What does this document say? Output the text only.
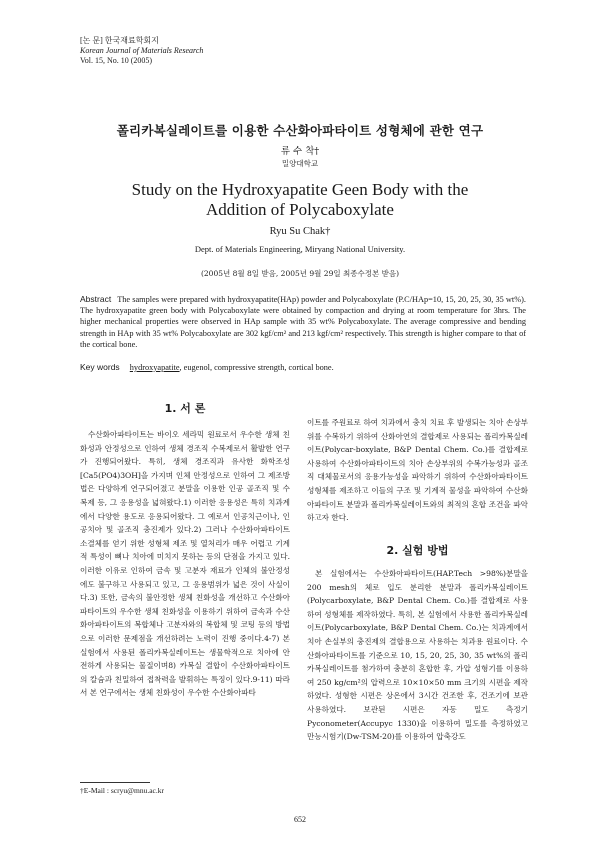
[논 문] 한국재료학회지
Korean Journal of Materials Research
Vol. 15, No. 10 (2005)
폴리카복실레이트를 이용한 수산화아파타이트 성형체에 관한 연구
류 수 착†
밀양대학교
Study on the Hydroxyapatite Geen Body with the
Addition of Polycaboxylate
Ryu Su Chak†
Dept. of Materials Engineering, Miryang National University.
(2005년 8월 8일 받음, 2005년 9월 29일 최종수정본 받음)
Abstract The samples were prepared with hydroxyapatite(HAp) powder and Polycaboxylate (P.C/HAp=10, 15, 20, 25, 30, 35 wt%). The hydroxyapatite green body with Polycaboxylate were obtained by compaction and drying at room temperature for 3hrs. The higher mechanical properties were observed in HAp sample with 35 wt% Polycaboxylate. The average compressive and bending strength in HAp with 35 wt% Polycaboxylate are 302 kgf/cm² and 213 kgf/cm² respectively. This strength is higher compare to that of the cortical bone.
Key words hydroxyapatite, eugenol, compressive strength, cortical bone.
1. 서 론

수산화아파타이트는 바이오 세라믹 원료로서 우수한 생체 친화성과 안정성으로 인하여 생체 경조직 수복제로서 활발한 연구가 진행되어왔다. 특히, 생체 경조직과 유사한 화학조성[Ca5(PO4)3OH]을 가지며 인체 안정성으로 인하여 그 제조방법은 다양하게 연구되어졌고 분말을 이용한 인공 골조직 및 수복제 등, 그 응용성을 넓혀왔다.1) 이러한 응용성은 특히 치과계에서 다양한 용도로 응용되어왔다. 그 예로서 인공치근이나, 인공치아 및 골조직 충진제가 있다.2) 그러나 수산화아파타이트 소결체를 얻기 위한 성형체 제조 및 열처리가 매우 어렵고 기계적 특성이 뼈나 치아에 미치지 못하는 등의 단점을 가지고 있다. 이러한 이유로 인하여 금속 및 고분자 재료가 인체의 불안정성에도 불구하고 사용되고 있고, 그 응용범위가 넓은 것이 사실이다.3) 또한, 금속의 불안정한 생체 친화성을 개선하고 수산화아파타이트의 우수한 생체 친화성을 이용하기 위하여 금속과 수산화아파타이트의 복합체나 고분자와의 복합체 및 코팅 등의 방법으로 이러한 문제점을 개선하려는 노력이 진행 중이다.4-7) 본 실험에서 사용된 폴리카복실레이트는 생물학적으로 치아에 안전하게 사용되는 물질이며8) 카복실 결합이 수산화아파타이트의 칼슘과 친밀하여 접착력을 발휘하는 특징이 있다.9-11) 따라서 본 연구에서는 생체 친화성이 우수한 수산화아파타

이트를 주원료로 하여 치과에서 충치 치료 후 발생되는 치아 손상부위를 수복하기 위하여 산화아연의 결합제로 사용되는 폴리카복실레이트(Polycar-boxylate, B&P Dental Chem. Co.)를 결합제로 사용하여 수산화아파타이트의 치아 손상부위의 수복가능성과 골조직 대체물로서의 응용가능성을 파악하기 위하여 수산화아파타이트 성형체를 제조하고 이들의 구조 및 기계적 물성을 파악하여 수산화아파타이트 분말과 폴리카복실레이트와의 최적의 혼합 조건을 파악하고자 한다.

2. 실험 방법

본 실험에서는 수산화아파타이트(HAP.Tech >98%)분말을 200 mesh의 체로 입도 분리한 분말과 폴리카복실레이트(Polycarboxylate, B&P Dental Chem. Co.)를 결합제로 사용하여 성형체를 제작하였다. 특히, 본 실험에서 사용한 폴리카복실레이트(Polycarboxylate, B&P Dental Chem. Co.)는 치과계에서 치아 손실부의 충진제의 결합용으로 사용하는 치과용 원료이다. 수산화아파타이트를 기준으로 10, 15, 20, 25, 30, 35 wt%의 폴리카복실레이트를 첨가하여 충분히 혼합한 후, 가압 성형기를 이용하여 250 kg/cm²의 압력으로 10×10×50 mm 크기의 시편을 제작하였다. 성형한 시편은 상온에서 3시간 건조한 후, 건조기에 보관 사용하였다. 보관된 시편은 자동 밀도 측정기 Pyconometer(Accupyc 1330)을 이용하여 밀도를 측정하였고 만능시험기(Dw-TSM-20)를 이용하여 압축강도

†E-Mail : scryu@mnu.ac.kr
652
